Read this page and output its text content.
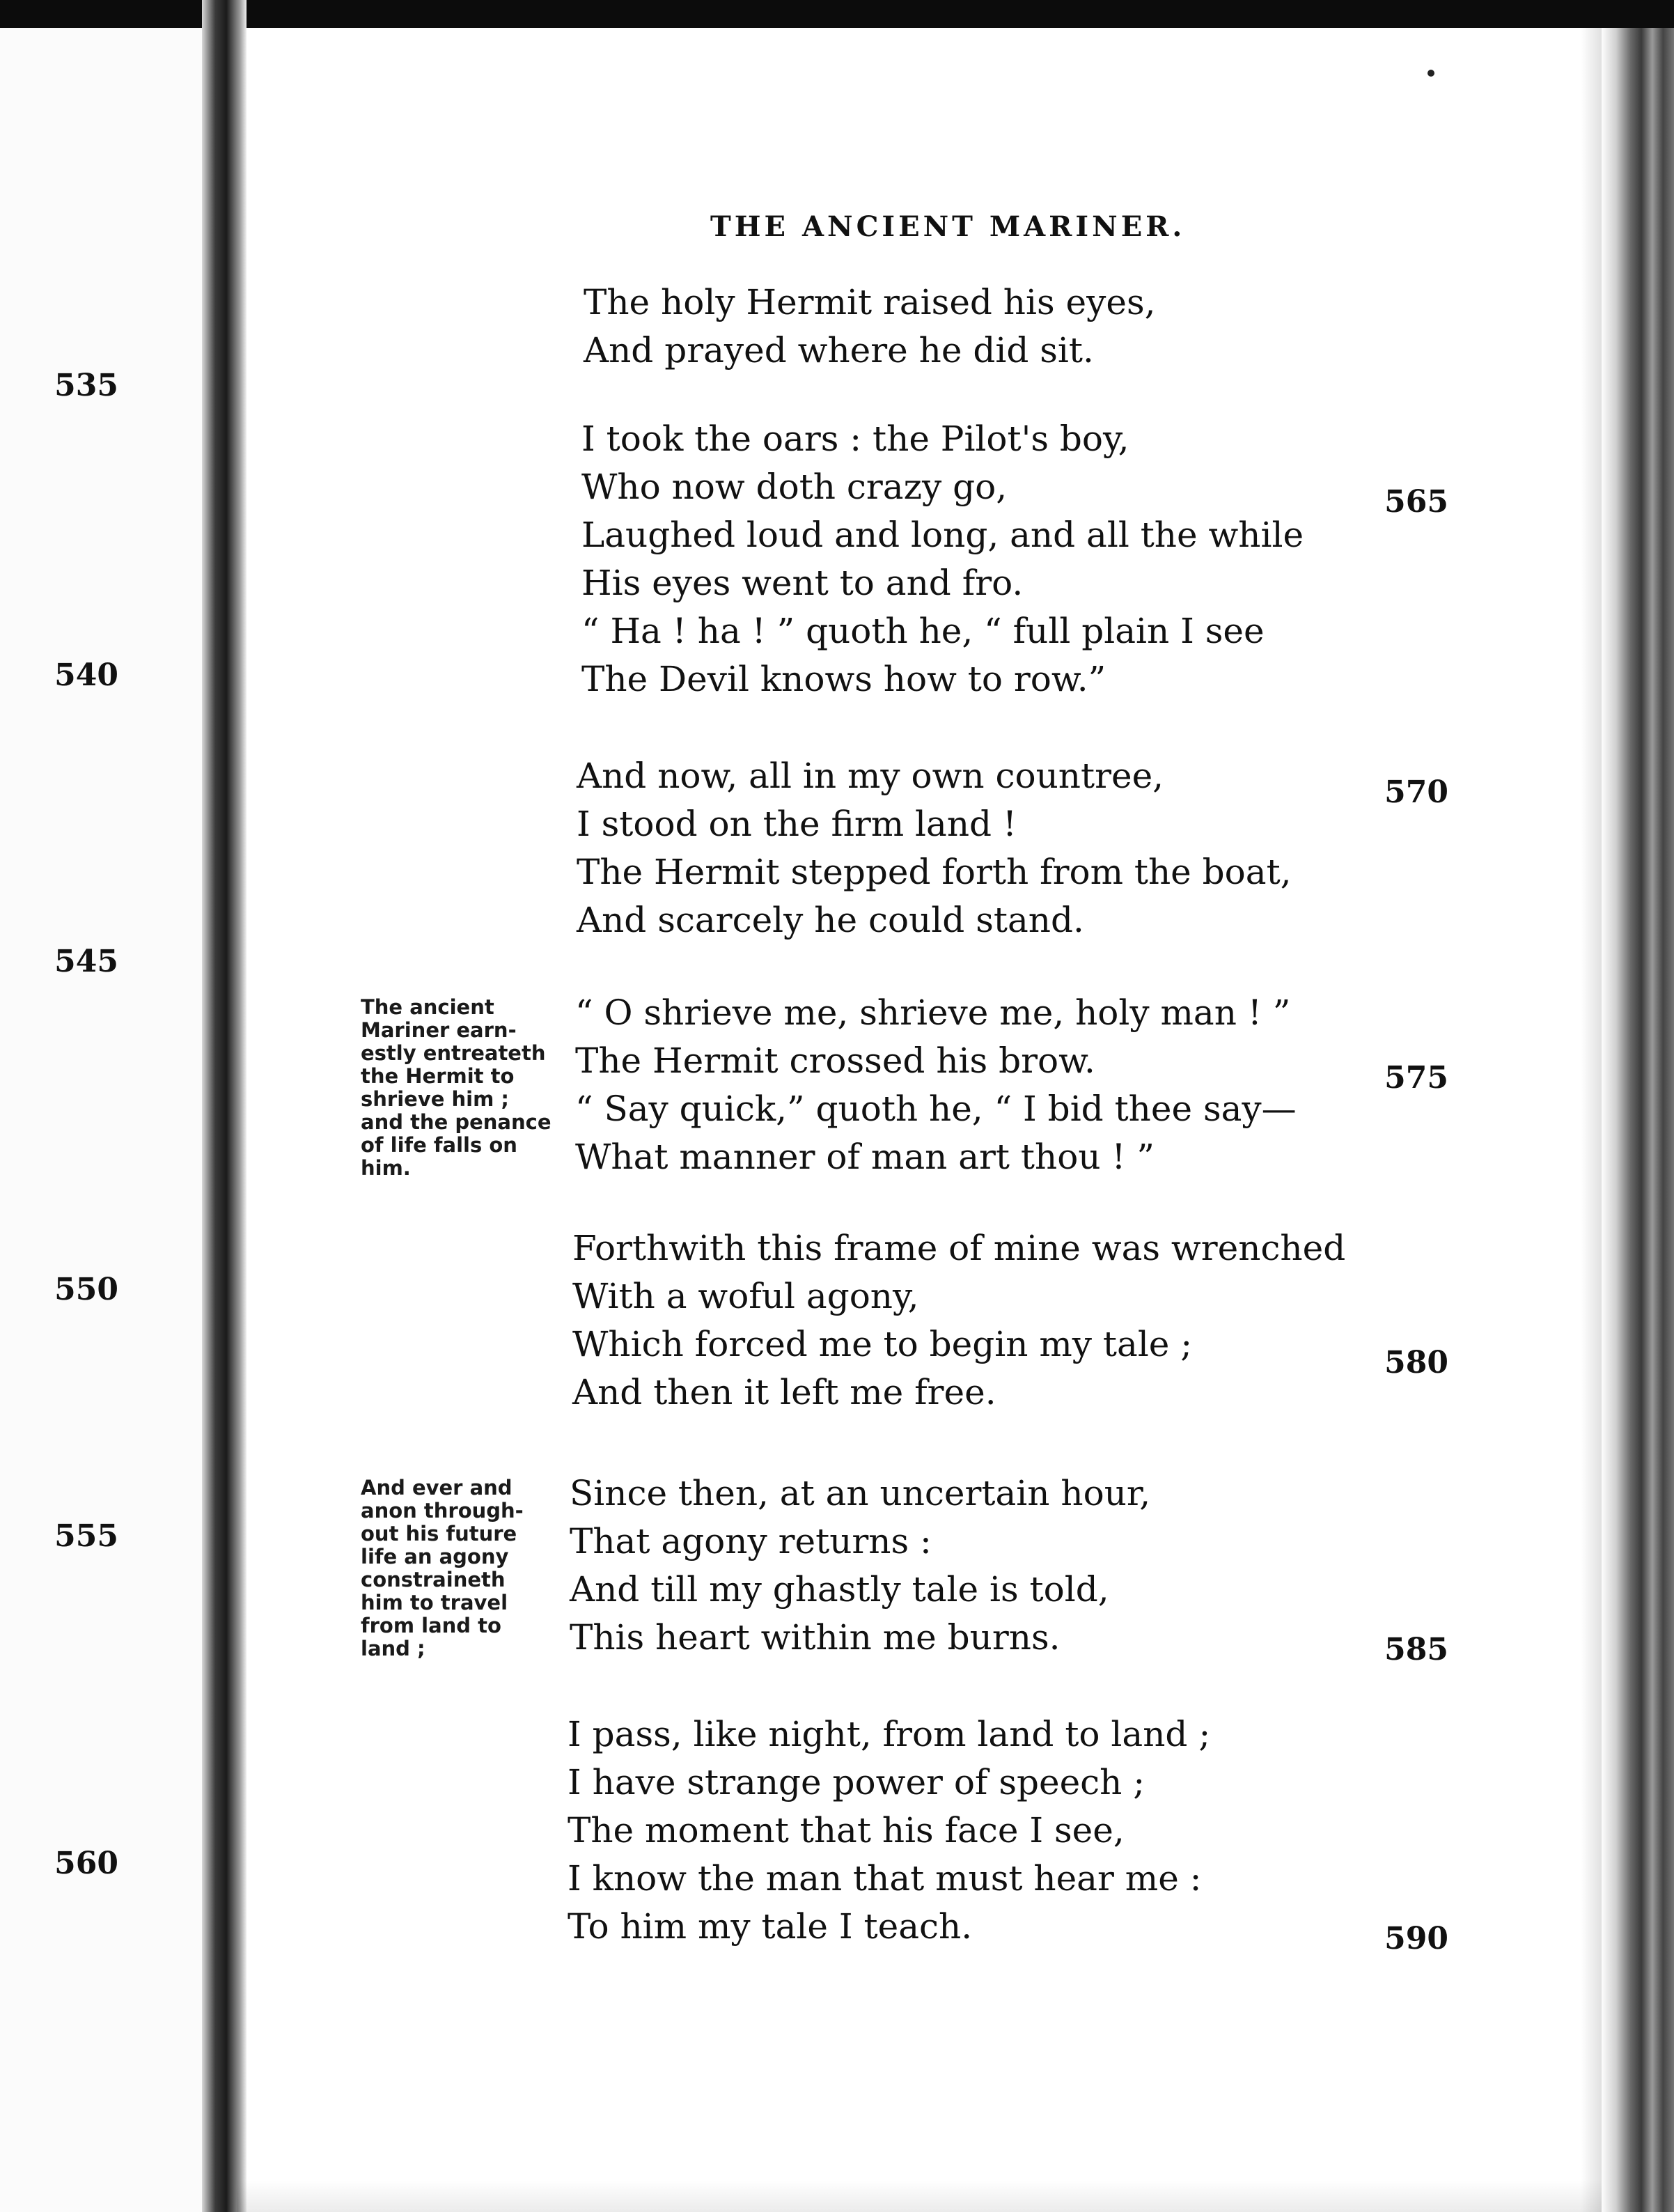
THE ANCIENT MARINER.
535
540
545
550
555
560
565
570
575
580
585
590
The holy Hermit raised his eyes,
And prayed where he did sit.
I took the oars : the Pilot's boy,
Who now doth crazy go,
Laughed loud and long, and all the while
His eyes went to and fro.
“ Ha ! ha ! ” quoth he, “ full plain I see
The Devil knows how to row.”
And now, all in my own countree,
I stood on the firm land !
The Hermit stepped forth from the boat,
And scarcely he could stand.
“ O shrieve me, shrieve me, holy man ! ”
The Hermit crossed his brow.
“ Say quick,” quoth he, “ I bid thee say—
What manner of man art thou ! ”
Forthwith this frame of mine was wrenched
With a woful agony,
Which forced me to begin my tale ;
And then it left me free.
Since then, at an uncertain hour,
That agony returns :
And till my ghastly tale is told,
This heart within me burns.
I pass, like night, from land to land ;
I have strange power of speech ;
The moment that his face I see,
I know the man that must hear me :
To him my tale I teach.
The ancient
Mariner earn-
estly entreateth
the Hermit to
shrieve him ;
and the penance
of life falls on
him.
And ever and
anon through-
out his future
life an agony
constraineth
him to travel
from land to
land ;
